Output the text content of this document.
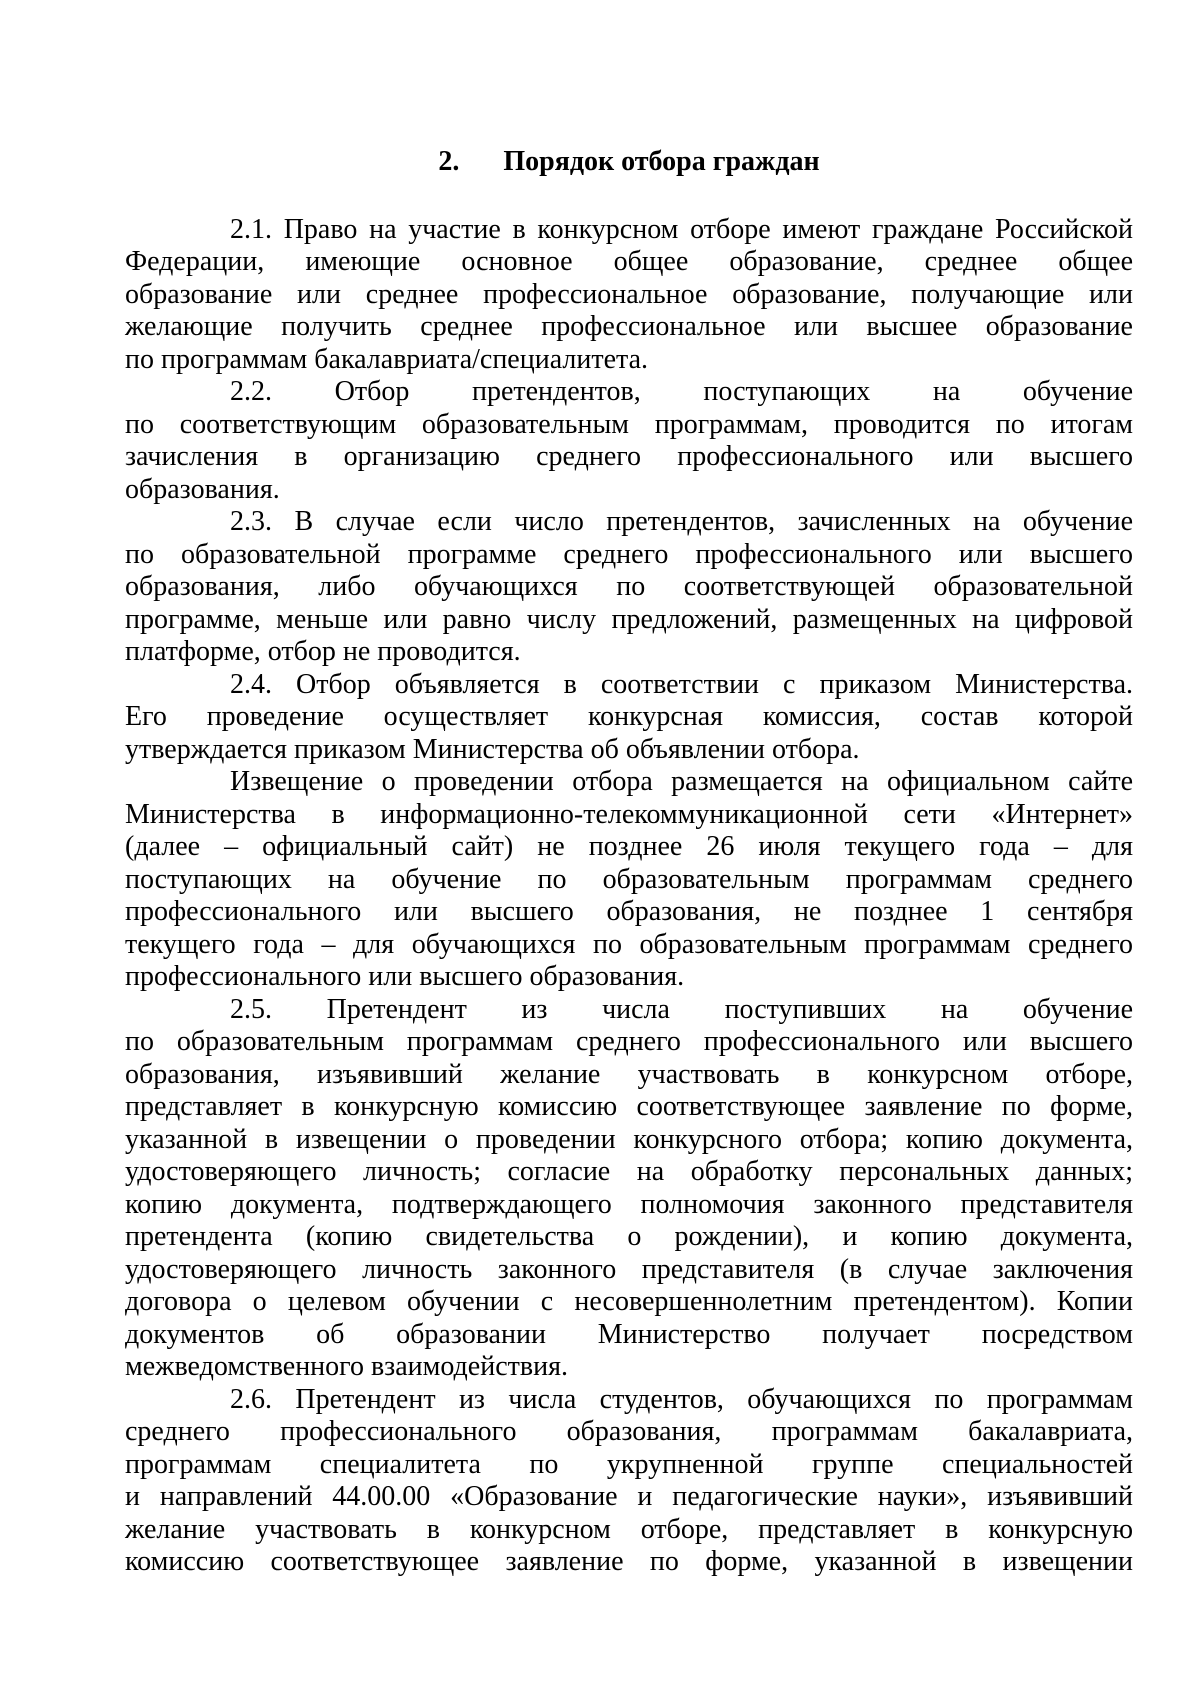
2. Порядок отбора граждан
2.1. Право на участие в конкурсном отборе имеют граждане Российской
Федерации, имеющие основное общее образование, среднее общее
образование или среднее профессиональное образование, получающие или
желающие получить среднее профессиональное или высшее образование
по программам бакалавриата/специалитета.
2.2. Отбор претендентов, поступающих на обучение
по соответствующим образовательным программам, проводится по итогам
зачисления в организацию среднего профессионального или высшего
образования.
2.3. В случае если число претендентов, зачисленных на обучение
по образовательной программе среднего профессионального или высшего
образования, либо обучающихся по соответствующей образовательной
программе, меньше или равно числу предложений, размещенных на цифровой
платформе, отбор не проводится.
2.4. Отбор объявляется в соответствии с приказом Министерства.
Его проведение осуществляет конкурсная комиссия, состав которой
утверждается приказом Министерства об объявлении отбора.
Извещение о проведении отбора размещается на официальном сайте
Министерства в информационно-телекоммуникационной сети «Интернет»
(далее – официальный сайт) не позднее 26 июля текущего года – для
поступающих на обучение по образовательным программам среднего
профессионального или высшего образования, не позднее 1 сентября
текущего года – для обучающихся по образовательным программам среднего
профессионального или высшего образования.
2.5. Претендент из числа поступивших на обучение
по образовательным программам среднего профессионального или высшего
образования, изъявивший желание участвовать в конкурсном отборе,
представляет в конкурсную комиссию соответствующее заявление по форме,
указанной в извещении о проведении конкурсного отбора; копию документа,
удостоверяющего личность; согласие на обработку персональных данных;
копию документа, подтверждающего полномочия законного представителя
претендента (копию свидетельства о рождении), и копию документа,
удостоверяющего личность законного представителя (в случае заключения
договора о целевом обучении с несовершеннолетним претендентом). Копии
документов об образовании Министерство получает посредством
межведомственного взаимодействия.
2.6. Претендент из числа студентов, обучающихся по программам
среднего профессионального образования, программам бакалавриата,
программам специалитета по укрупненной группе специальностей
и направлений 44.00.00 «Образование и педагогические науки», изъявивший
желание участвовать в конкурсном отборе, представляет в конкурсную
комиссию соответствующее заявление по форме, указанной в извещении
